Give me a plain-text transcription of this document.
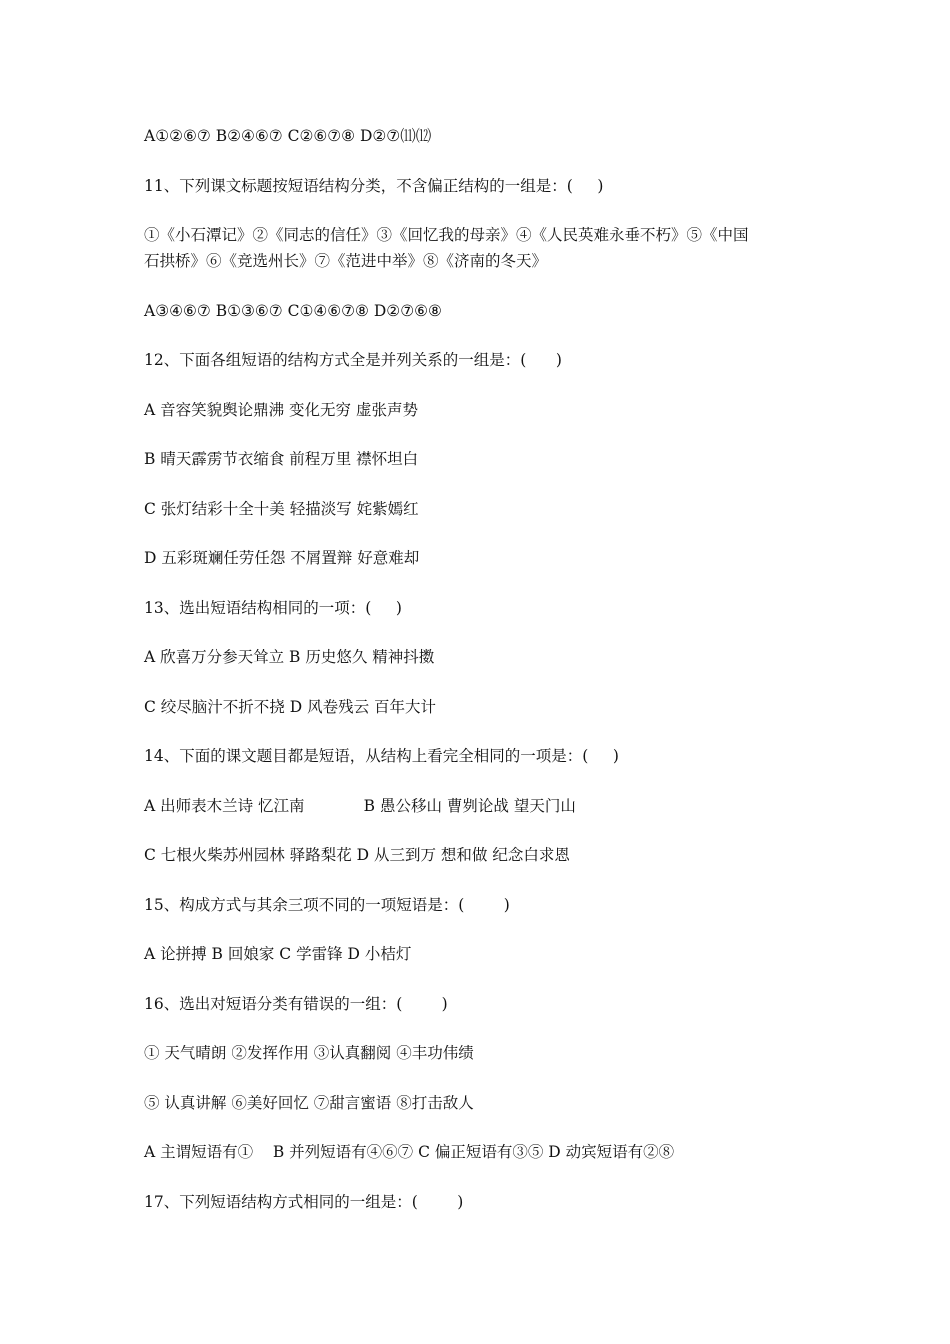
A①②⑥⑦ B②④⑥⑦ C②⑥⑦⑧ D②⑦⑾⑿

11、下列课文标题按短语结构分类，不含偏正结构的一组是：(     )

①《小石潭记》②《同志的信任》③《回忆我的母亲》④《人民英难永垂不朽》⑤《中国

石拱桥》⑥《竞选州长》⑦《范进中举》⑧《济南的冬天》

A③④⑥⑦ B①③⑥⑦ C①④⑥⑦⑧ D②⑦⑥⑧

12、下面各组短语的结构方式全是并列关系的一组是：(      )

A 音容笑貌舆论鼎沸 变化无穷 虚张声势

B 晴天霹雳节衣缩食 前程万里 襟怀坦白

C 张灯结彩十全十美 轻描淡写 姹紫嫣红

D 五彩斑斓任劳任怨 不屑置辩 好意难却

13、选出短语结构相同的一项：(     )

A 欣喜万分参天耸立 B 历史悠久 精神抖擞

C 绞尽脑汁不折不挠 D 风卷残云 百年大计

14、下面的课文题目都是短语，从结构上看完全相同的一项是：(     )

A 出师表木兰诗 忆江南            B 愚公移山 曹刿论战 望天门山

C 七根火柴苏州园林 驿路梨花 D 从三到万 想和做 纪念白求恩

15、构成方式与其余三项不同的一项短语是：(        )

A 论拼搏 B 回娘家 C 学雷锋 D 小桔灯

16、选出对短语分类有错误的一组：(        )

① 天气晴朗 ②发挥作用 ③认真翻阅 ④丰功伟绩

⑤ 认真讲解 ⑥美好回忆 ⑦甜言蜜语 ⑧打击敌人

A 主谓短语有①    B 并列短语有④⑥⑦ C 偏正短语有③⑤ D 动宾短语有②⑧

17、下列短语结构方式相同的一组是：(        )
